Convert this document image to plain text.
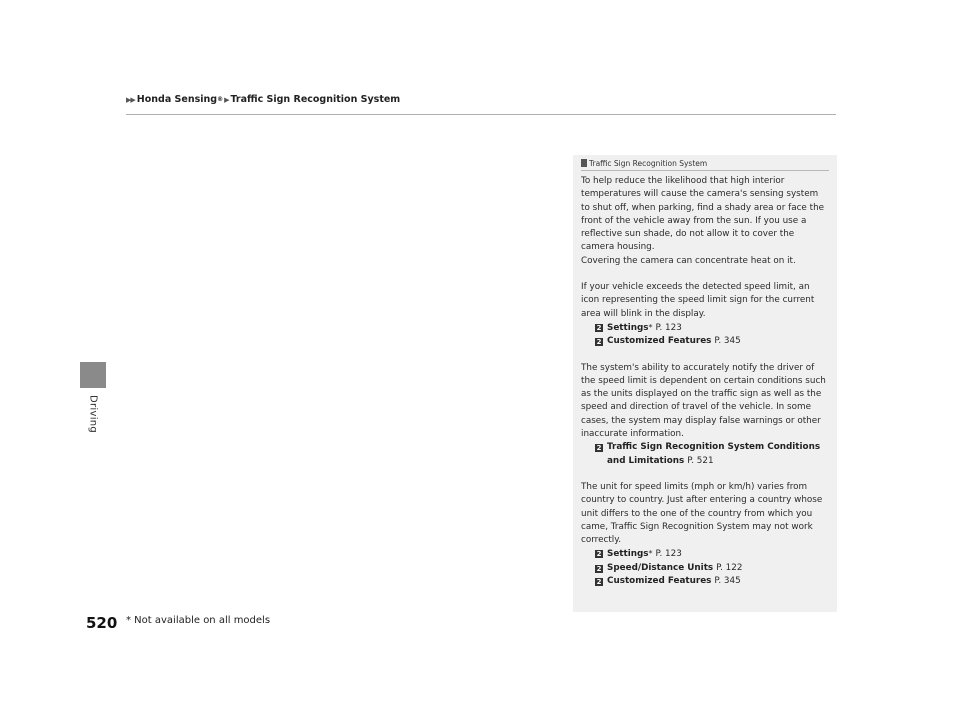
▶▶ Honda Sensing ® ▶ Traffic Sign Recognition System
Driving
Traffic Sign Recognition System

To help reduce the likelihood that high interior temperatures will cause the camera's sensing system to shut off, when parking, find a shady area or face the front of the vehicle away from the sun. If you use a reflective sun shade, do not allow it to cover the camera housing.

Covering the camera can concentrate heat on it.

If your vehicle exceeds the detected speed limit, an icon representing the speed limit sign for the current area will blink in the display.

2 Settings* P. 123
2 Customized Features P. 345

The system's ability to accurately notify the driver of the speed limit is dependent on certain conditions such as the units displayed on the traffic sign as well as the speed and direction of travel of the vehicle. In some cases, the system may display false warnings or other inaccurate information.

2 Traffic Sign Recognition System Conditions
and Limitations P. 521

The unit for speed limits (mph or km/h) varies from country to country. Just after entering a country whose unit differs to the one of the country from which you came, Traffic Sign Recognition System may not work correctly.

2 Settings* P. 123
2 Speed/Distance Units P. 122
2 Customized Features P. 345
520 * Not available on all models
